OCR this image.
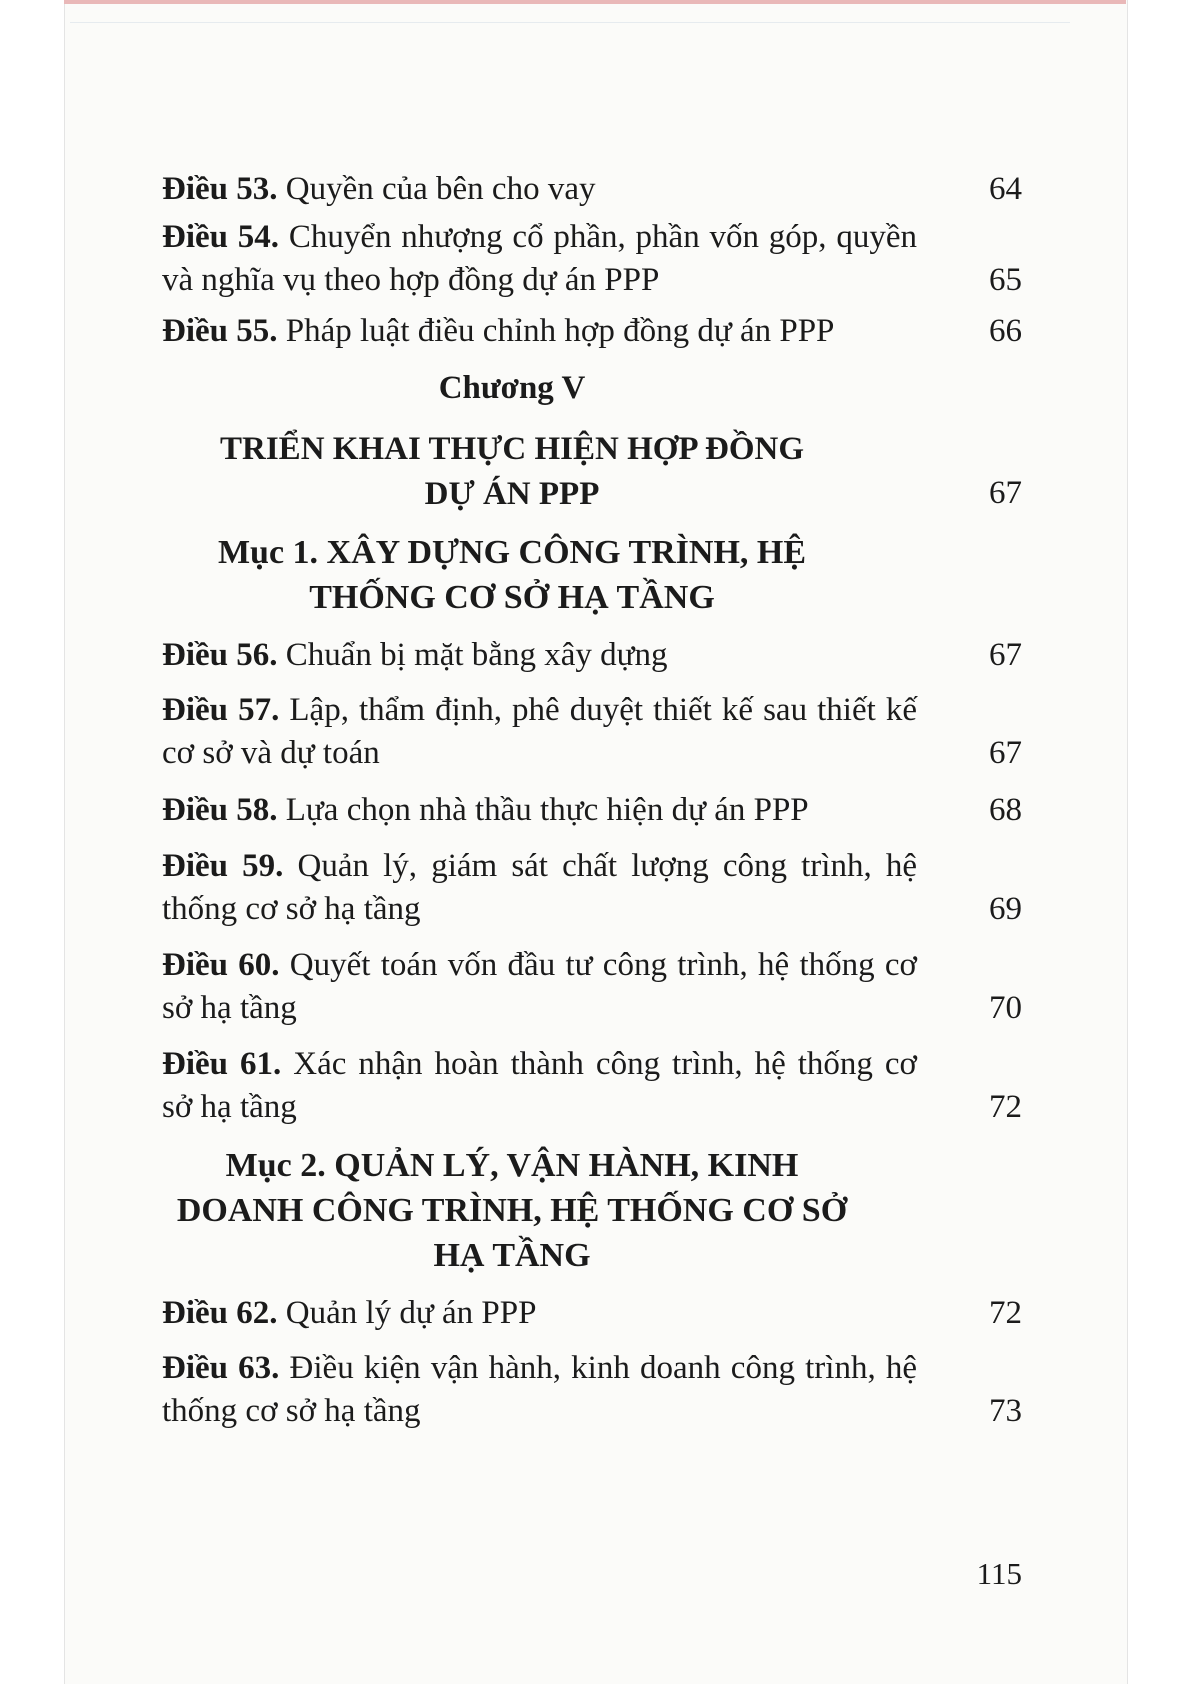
Điều 53. Quyền của bên cho vay	64
Điều 54. Chuyển nhượng cổ phần, phần vốn góp, quyền và nghĩa vụ theo hợp đồng dự án PPP	65
Điều 55. Pháp luật điều chỉnh hợp đồng dự án PPP	66
Chương V
TRIỂN KHAI THỰC HIỆN HỢP ĐỒNG
DỰ ÁN PPP	67
Mục 1. XÂY DỰNG CÔNG TRÌNH, HỆ
THỐNG CƠ SỞ HẠ TẦNG
Điều 56. Chuẩn bị mặt bằng xây dựng	67
Điều 57. Lập, thẩm định, phê duyệt thiết kế sau thiết kế cơ sở và dự toán	67
Điều 58. Lựa chọn nhà thầu thực hiện dự án PPP	68
Điều 59. Quản lý, giám sát chất lượng công trình, hệ thống cơ sở hạ tầng	69
Điều 60. Quyết toán vốn đầu tư công trình, hệ thống cơ sở hạ tầng	70
Điều 61. Xác nhận hoàn thành công trình, hệ thống cơ sở hạ tầng	72
Mục 2. QUẢN LÝ, VẬN HÀNH, KINH
DOANH CÔNG TRÌNH, HỆ THỐNG CƠ SỞ
HẠ TẦNG
Điều 62. Quản lý dự án PPP	72
Điều 63. Điều kiện vận hành, kinh doanh công trình, hệ thống cơ sở hạ tầng	73
115
